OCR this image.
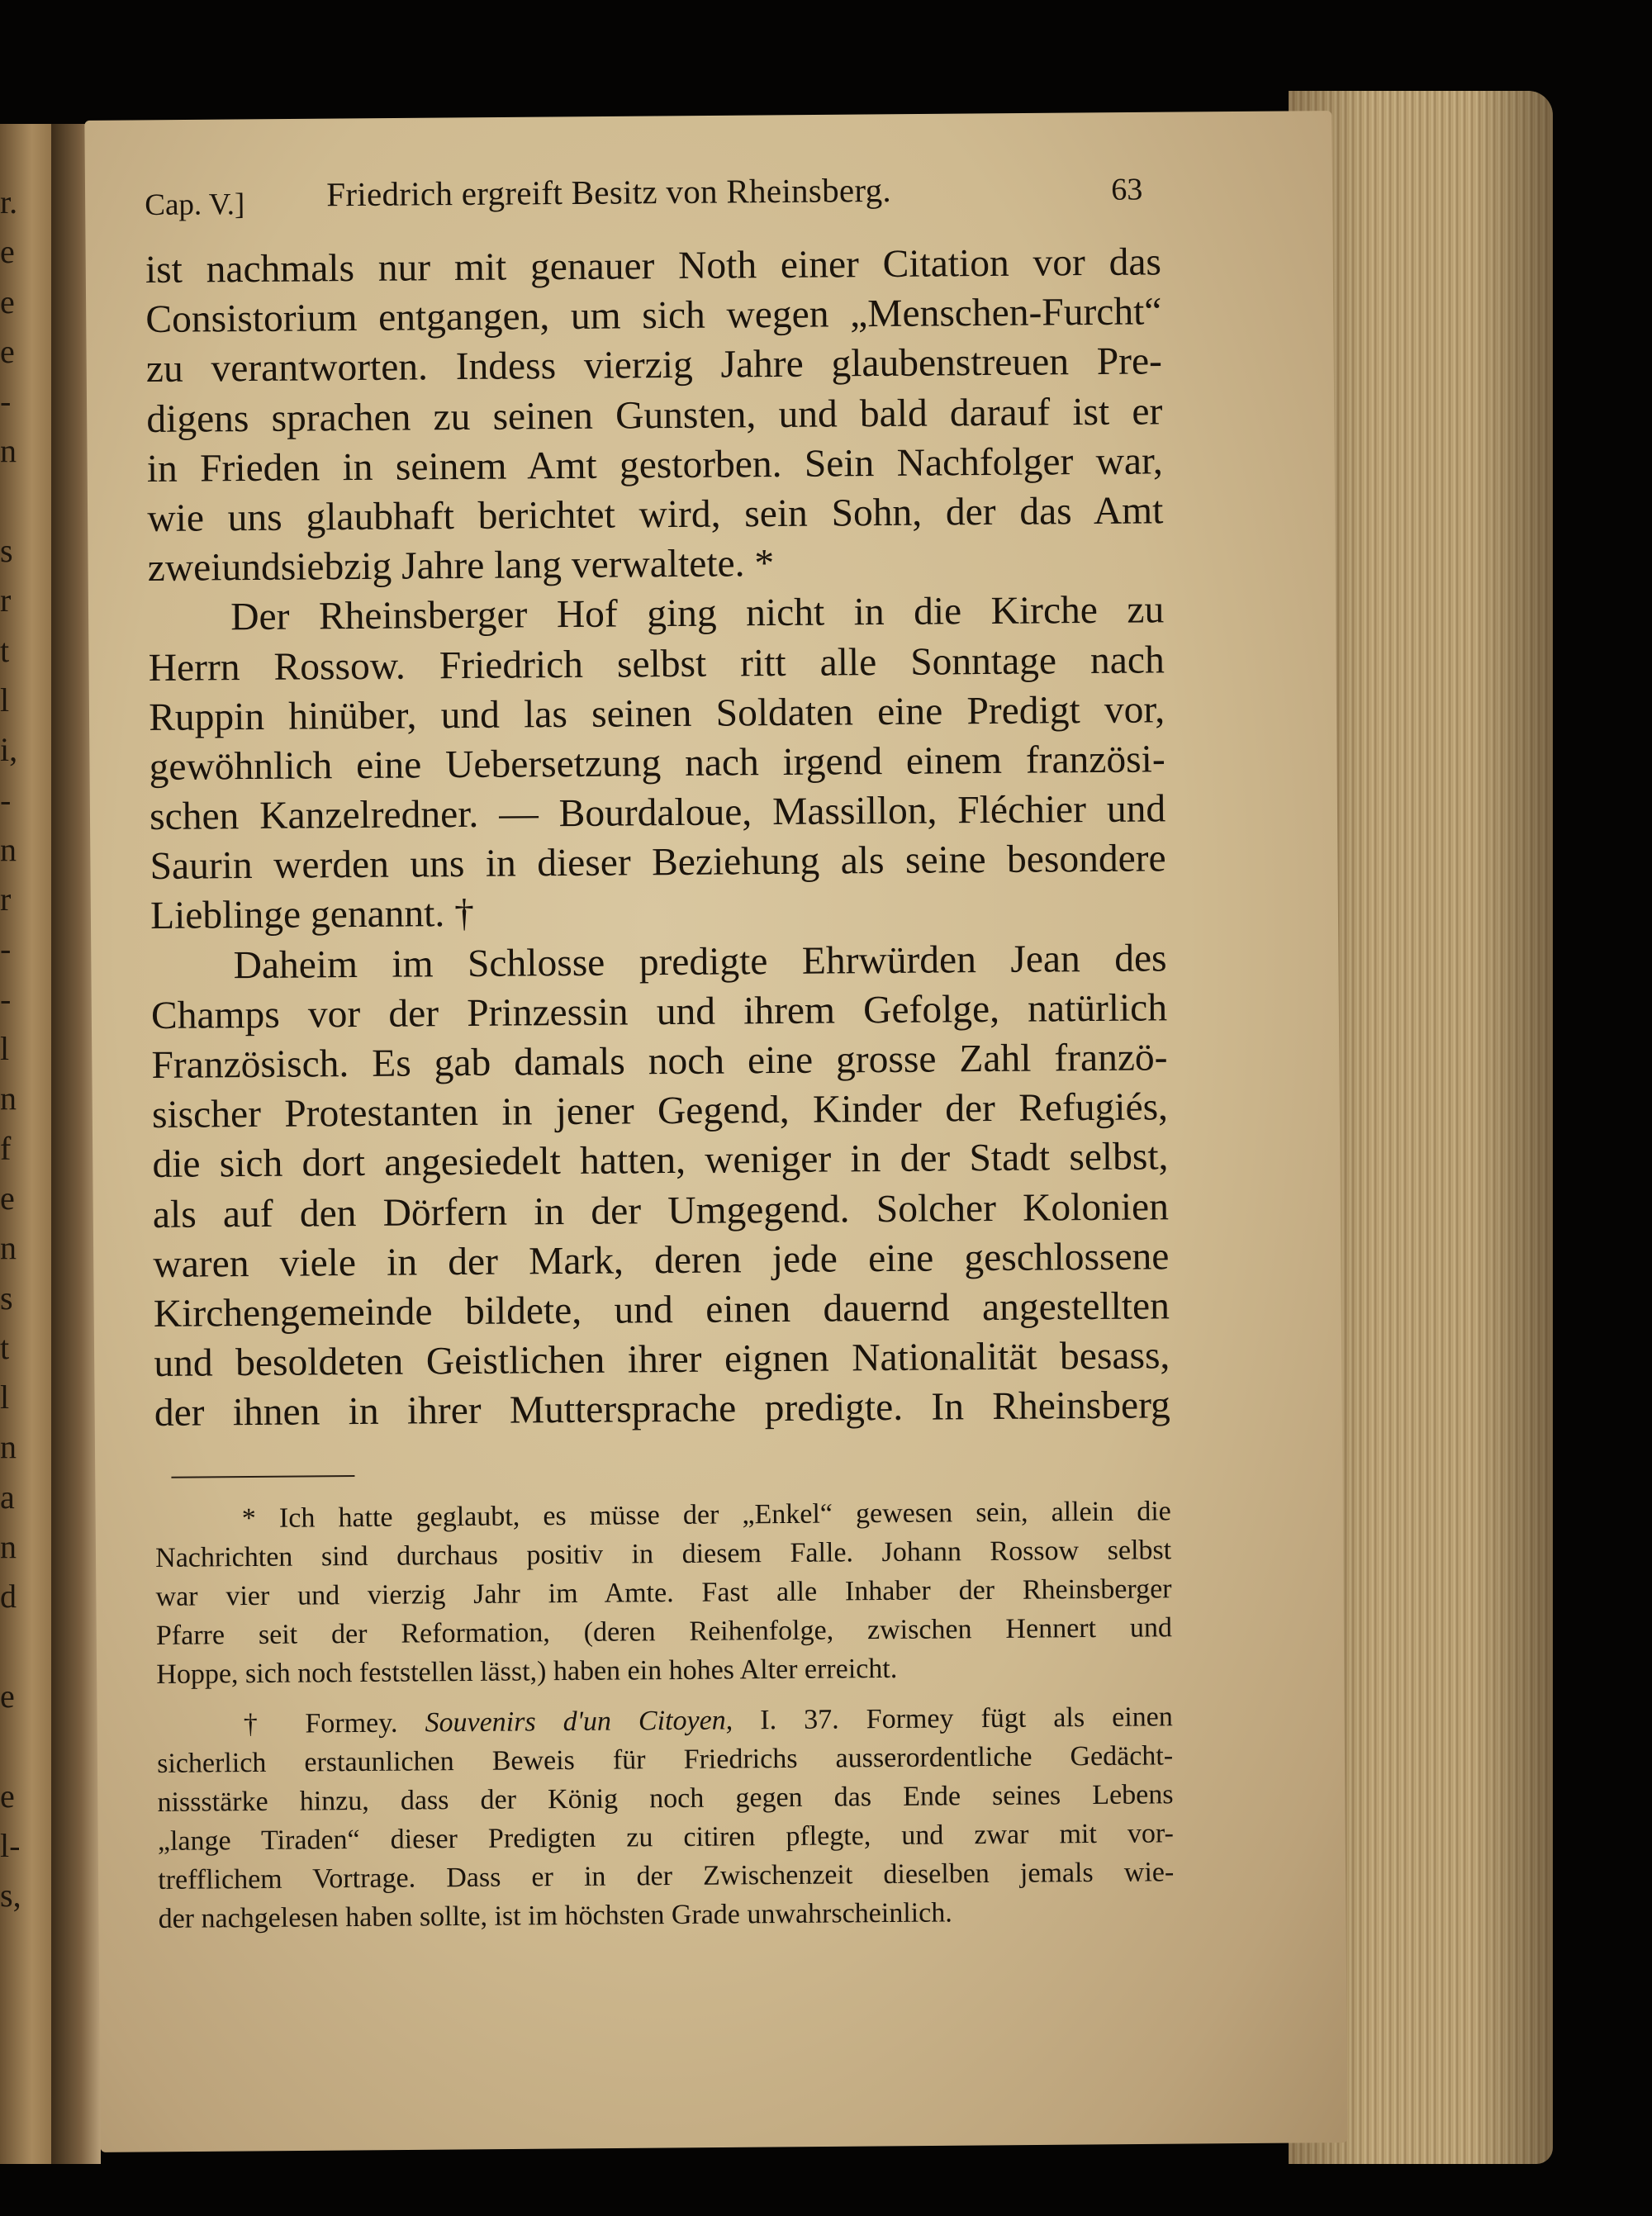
r.
e
e
e
-
n

s
r
t
l
i,
-
n
r
-
-
l
n
f
e
n
s
t
l
n
a
n
d

e

e
l-
s,
Cap. V.] Friedrich ergreift Besitz von Rheinsberg.	63
ist nachmals nur mit genauer Noth einer Citation vor das
Consistorium entgangen, um sich wegen „Menschen-Furcht“
zu verantworten. Indess vierzig Jahre glaubenstreuen Pre-
digens sprachen zu seinen Gunsten, und bald darauf ist er
in Frieden in seinem Amt gestorben. Sein Nachfolger war,
wie uns glaubhaft berichtet wird, sein Sohn, der das Amt
zweiundsiebzig Jahre lang verwaltete. *
Der Rheinsberger Hof ging nicht in die Kirche zu
Herrn Rossow. Friedrich selbst ritt alle Sonntage nach
Ruppin hinüber, und las seinen Soldaten eine Predigt vor,
gewöhnlich eine Uebersetzung nach irgend einem französi-
schen Kanzelredner. — Bourdaloue, Massillon, Fléchier und
Saurin werden uns in dieser Beziehung als seine besondere
Lieblinge genannt. †
Daheim im Schlosse predigte Ehrwürden Jean des
Champs vor der Prinzessin und ihrem Gefolge, natürlich
Französisch. Es gab damals noch eine grosse Zahl franzö-
sischer Protestanten in jener Gegend, Kinder der Refugiés,
die sich dort angesiedelt hatten, weniger in der Stadt selbst,
als auf den Dörfern in der Umgegend. Solcher Kolonien
waren viele in der Mark, deren jede eine geschlossene
Kirchengemeinde bildete, und einen dauernd angestellten
und besoldeten Geistlichen ihrer eignen Nationalität besass,
der ihnen in ihrer Muttersprache predigte. In Rheinsberg
* Ich hatte geglaubt, es müsse der „Enkel“ gewesen sein, allein die
Nachrichten sind durchaus positiv in diesem Falle. Johann Rossow selbst
war vier und vierzig Jahr im Amte. Fast alle Inhaber der Rheinsberger
Pfarre seit der Reformation, (deren Reihenfolge, zwischen Hennert und
Hoppe, sich noch feststellen lässt,) haben ein hohes Alter erreicht.
† Formey. Souvenirs d'un Citoyen, I. 37. Formey fügt als einen
sicherlich erstaunlichen Beweis für Friedrichs ausserordentliche Gedächt-
nissstärke hinzu, dass der König noch gegen das Ende seines Lebens
„lange Tiraden“ dieser Predigten zu citiren pflegte, und zwar mit vor-
trefflichem Vortrage. Dass er in der Zwischenzeit dieselben jemals wie-
der nachgelesen haben sollte, ist im höchsten Grade unwahrscheinlich.
